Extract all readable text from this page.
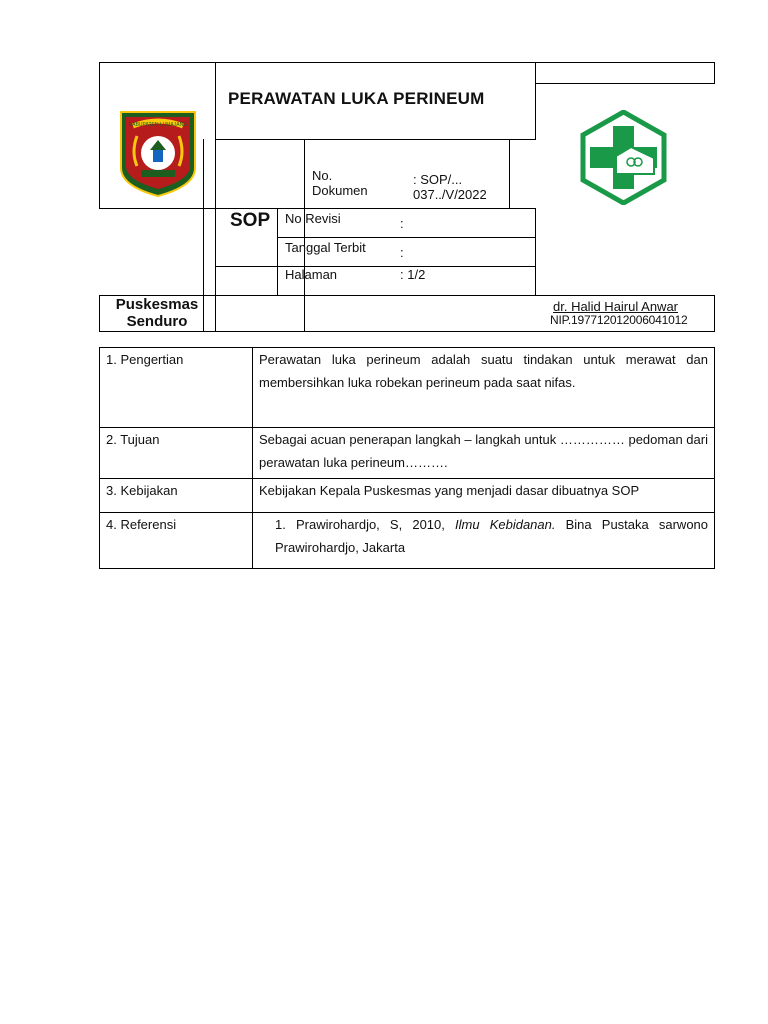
KABUPATEN LUMAJANG
PERAWATAN LUKA PERINEUM
SOP
No. Dokumen
: SOP/... 037../V/2022
No Revisi	:
Tanggal Terbit	:
Halaman	: 1/2
Puskesmas Senduro
dr. Halid Hairul Anwar
NIP.197712012006041012
1. Pengertian	Perawatan luka perineum adalah suatu tindakan untuk merawat dan membersihkan luka robekan perineum pada saat nifas.
2. Tujuan	Sebagai acuan penerapan langkah – langkah untuk …………… pedoman dari perawatan luka perineum……….
3. Kebijakan	Kebijakan Kepala Puskesmas yang menjadi dasar dibuatnya SOP
4. Referensi	1. Prawirohardjo, S, 2010, Ilmu Kebidanan. Bina Pustaka sarwono Prawirohardjo, Jakarta
